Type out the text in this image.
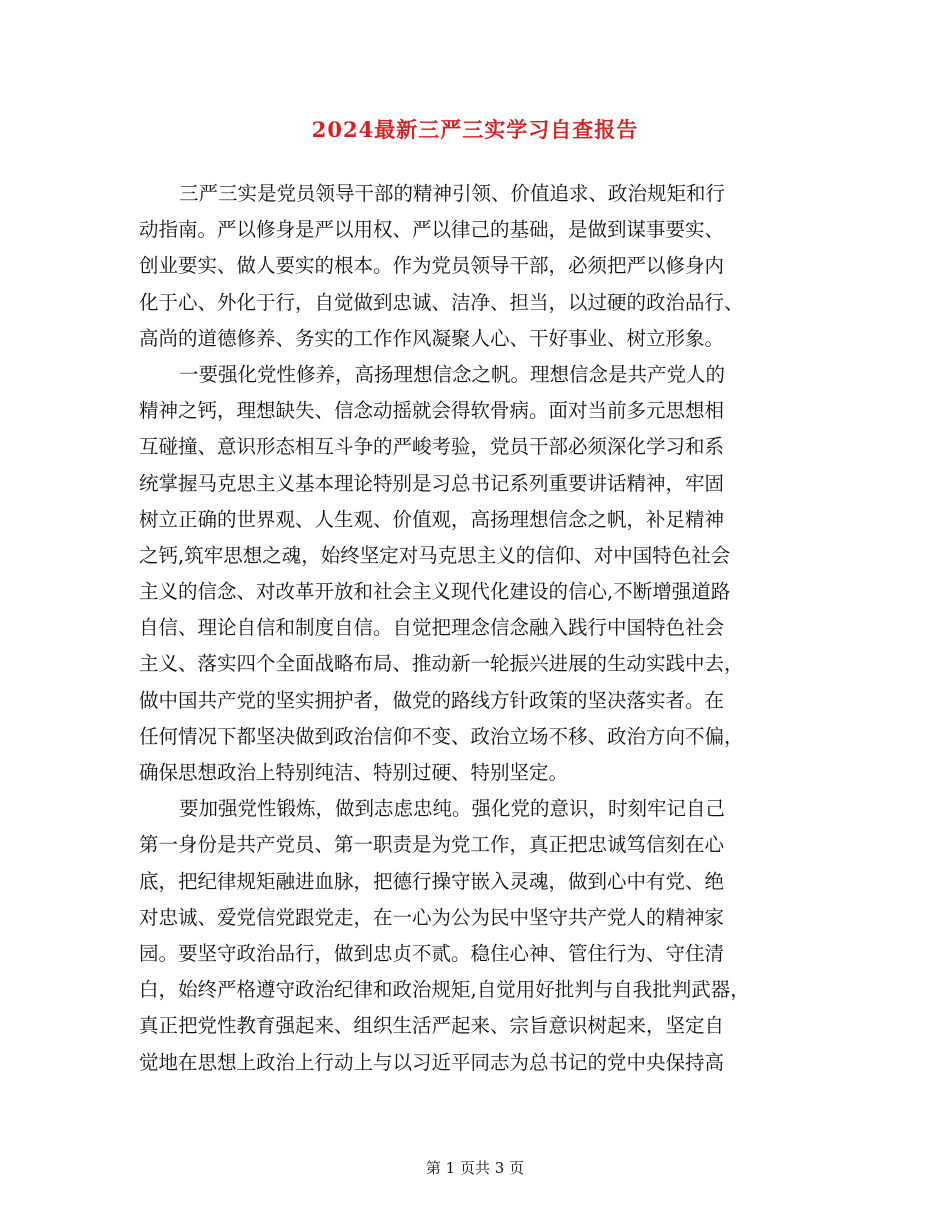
2024最新三严三实学习自查报告
三严三实是党员领导干部的精神引领、价值追求、政治规矩和行
动指南。严以修身是严以用权、严以律己的基础，是做到谋事要实、
创业要实、做人要实的根本。作为党员领导干部，必须把严以修身内
化于心、外化于行，自觉做到忠诚、洁净、担当，以过硬的政治品行、
高尚的道德修养、务实的工作作风凝聚人心、干好事业、树立形象。
一要强化党性修养，高扬理想信念之帆。理想信念是共产党人的
精神之钙，理想缺失、信念动摇就会得软骨病。面对当前多元思想相
互碰撞、意识形态相互斗争的严峻考验，党员干部必须深化学习和系
统掌握马克思主义基本理论特别是习总书记系列重要讲话精神，牢固
树立正确的世界观、人生观、价值观，高扬理想信念之帆，补足精神
之钙,筑牢思想之魂，始终坚定对马克思主义的信仰、对中国特色社会
主义的信念、对改革开放和社会主义现代化建设的信心,不断增强道路
自信、理论自信和制度自信。自觉把理念信念融入践行中国特色社会
主义、落实四个全面战略布局、推动新一轮振兴进展的生动实践中去，
做中国共产党的坚实拥护者，做党的路线方针政策的坚决落实者。在
任何情况下都坚决做到政治信仰不变、政治立场不移、政治方向不偏，
确保思想政治上特别纯洁、特别过硬、特别坚定。
要加强党性锻炼，做到志虑忠纯。强化党的意识，时刻牢记自己
第一身份是共产党员、第一职责是为党工作，真正把忠诚笃信刻在心
底，把纪律规矩融进血脉，把德行操守嵌入灵魂，做到心中有党、绝
对忠诚、爱党信党跟党走，在一心为公为民中坚守共产党人的精神家
园。要坚守政治品行，做到忠贞不贰。稳住心神、管住行为、守住清
白，始终严格遵守政治纪律和政治规矩,自觉用好批判与自我批判武器，
真正把党性教育强起来、组织生活严起来、宗旨意识树起来，坚定自
觉地在思想上政治上行动上与以习近平同志为总书记的党中央保持高
第 1 页共 3 页
